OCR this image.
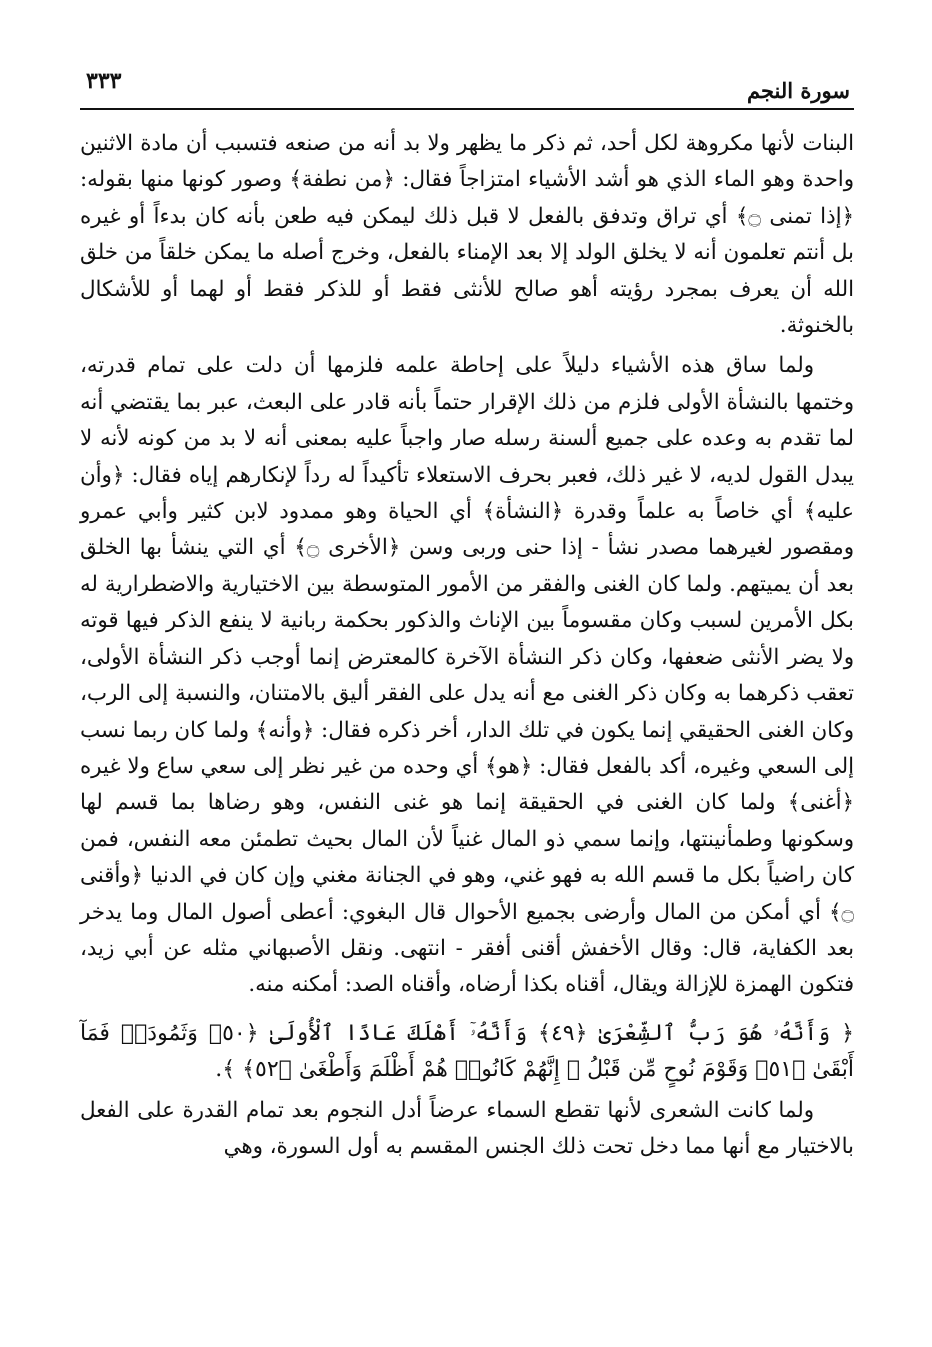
٣٣٣	سورة النجم

البنات لأنها مكروهة لكل أحد، ثم ذكر ما يظهر ولا بد أنه من صنعه فتسبب أن مادة الاثنين واحدة وهو الماء الذي هو أشد الأشياء امتزاجاً فقال: ﴿من نطفة﴾ وصور كونها منها بقوله: ﴿إذا تمنى ۝﴾ أي تراق وتدفق بالفعل لا قبل ذلك ليمكن فيه طعن بأنه كان بدءاً أو غيره بل أنتم تعلمون أنه لا يخلق الولد إلا بعد الإمناء بالفعل، وخرج أصله ما يمكن خلقاً من خلق الله أن يعرف بمجرد رؤيته أهو صالح للأنثى فقط أو للذكر فقط أو لهما أو للأشكال بالخنوثة.

ولما ساق هذه الأشياء دليلاً على إحاطة علمه فلزمها أن دلت على تمام قدرته، وختمها بالنشأة الأولى فلزم من ذلك الإقرار حتماً بأنه قادر على البعث، عبر بما يقتضي أنه لما تقدم به وعده على جميع ألسنة رسله صار واجباً عليه بمعنى أنه لا بد من كونه لأنه لا يبدل القول لديه، لا غير ذلك، فعبر بحرف الاستعلاء تأكيداً له رداً لإنكارهم إياه فقال: ﴿وأن عليه﴾ أي خاصاً به علماً وقدرة ﴿النشأة﴾ أي الحياة وهو ممدود لابن كثير وأبي عمرو ومقصور لغيرهما مصدر نشأ - إذا حنى وربى وسن ﴿الأخرى ۝﴾ أي التي ينشأ بها الخلق بعد أن يميتهم. ولما كان الغنى والفقر من الأمور المتوسطة بين الاختيارية والاضطرارية له بكل الأمرين لسبب وكان مقسوماً بين الإناث والذكور بحكمة ربانية لا ينفع الذكر فيها قوته ولا يضر الأنثى ضعفها، وكان ذكر النشأة الآخرة كالمعترض إنما أوجب ذكر النشأة الأولى، تعقب ذكرهما به وكان ذكر الغنى مع أنه يدل على الفقر أليق بالامتنان، والنسبة إلى الرب، وكان الغنى الحقيقي إنما يكون في تلك الدار، أخر ذكره فقال: ﴿وأنه﴾ ولما كان ربما نسب إلى السعي وغيره، أكد بالفعل فقال: ﴿هو﴾ أي وحده من غير نظر إلى سعي ساع ولا غيره ﴿أغنى﴾ ولما كان الغنى في الحقيقة إنما هو غنى النفس، وهو رضاها بما قسم لها وسكونها وطمأنينتها، وإنما سمي ذو المال غنياً لأن المال بحيث تطمئن معه النفس، فمن كان راضياً بكل ما قسم الله به فهو غني، وهو في الجنانة مغني وإن كان في الدنيا ﴿وأقنى ۝﴾ أي أمكن من المال وأرضى بجميع الأحوال قال البغوي: أعطى أصول المال وما يدخر بعد الكفاية، قال: وقال الأخفش أقنى أفقر - انتهى. ونقل الأصبهاني مثله عن أبي زيد، فتكون الهمزة للإزالة ويقال، أقناه بكذا أرضاه، وأقناه الصد: أمكنه منه.

﴿ وَأَنَّهُۥ هُوَ رَبُّ ٱلشِّعْرَىٰ ﴿٤٩﴾ وَأَنَّهُۥٓ أَهْلَكَ عَادًا ٱلْأُولَىٰ ﴿٥٠﴾ وَثَمُودَا۟ فَمَآ أَبْقَىٰ ﴿٥١﴾ وَقَوْمَ نُوحٍ مِّن قَبْلُ ۖ إِنَّهُمْ كَانُوا۟ هُمْ أَظْلَمَ وَأَطْغَىٰ ﴿٥٢﴾ ﴾.

ولما كانت الشعرى لأنها تقطع السماء عرضاً أدل النجوم بعد تمام القدرة على الفعل بالاختيار مع أنها مما دخل تحت ذلك الجنس المقسم به أول السورة، وهي
